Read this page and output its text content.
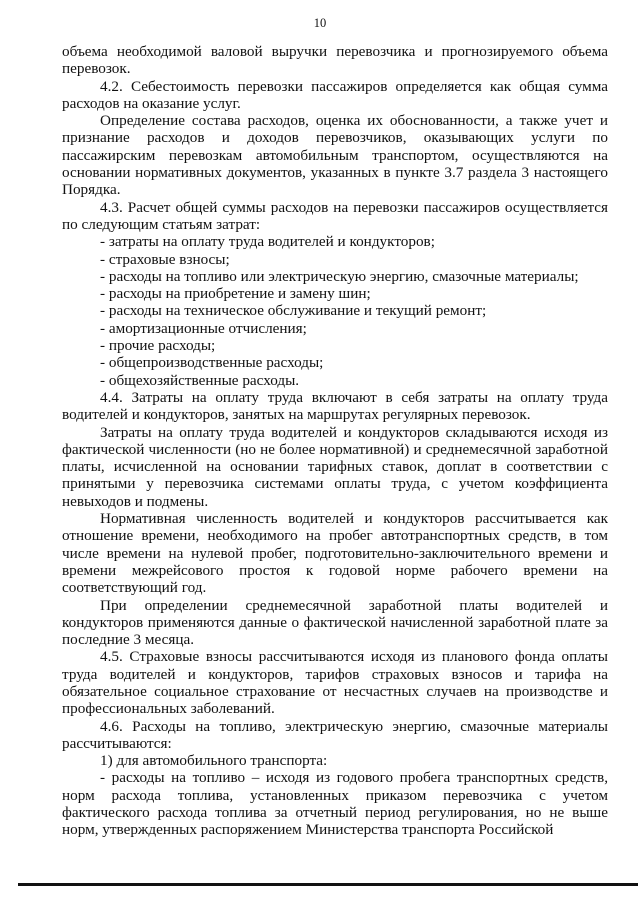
10

объема необходимой валовой выручки перевозчика и прогнозируемого объема перевозок.

4.2. Себестоимость перевозки пассажиров определяется как общая сумма расходов на оказание услуг.

Определение состава расходов, оценка их обоснованности, а также учет и признание расходов и доходов перевозчиков, оказывающих услуги по пассажирским перевозкам автомобильным транспортом, осуществляются на основании нормативных документов, указанных в пункте 3.7 раздела 3 настоящего Порядка.

4.3. Расчет общей суммы расходов на перевозки пассажиров осуществляется по следующим статьям затрат:

- затраты на оплату труда водителей и кондукторов;

- страховые взносы;

- расходы на топливо или электрическую энергию, смазочные материалы;

- расходы на приобретение и замену шин;

- расходы на техническое обслуживание и текущий ремонт;

- амортизационные отчисления;

- прочие расходы;

- общепроизводственные расходы;

- общехозяйственные расходы.

4.4. Затраты на оплату труда включают в себя затраты на оплату труда водителей и кондукторов, занятых на маршрутах регулярных перевозок.

Затраты на оплату труда водителей и кондукторов складываются исходя из фактической численности (но не более нормативной) и среднемесячной заработной платы, исчисленной на основании тарифных ставок, доплат в соответствии с принятыми у перевозчика системами оплаты труда, с учетом коэффициента невыходов и подмены.

Нормативная численность водителей и кондукторов рассчитывается как отношение времени, необходимого на пробег автотранспортных средств, в том числе времени на нулевой пробег, подготовительно-заключительного времени и времени межрейсового простоя к годовой норме рабочего времени на соответствующий год.

При определении среднемесячной заработной платы водителей и кондукторов применяются данные о фактической начисленной заработной плате за последние 3 месяца.

4.5. Страховые взносы рассчитываются исходя из планового фонда оплаты труда водителей и кондукторов, тарифов страховых взносов и тарифа на обязательное социальное страхование от несчастных случаев на производстве и профессиональных заболеваний.

4.6. Расходы на топливо, электрическую энергию, смазочные материалы рассчитываются:

1) для автомобильного транспорта:

- расходы на топливо – исходя из годового пробега транспортных средств, норм расхода топлива, установленных приказом перевозчика с учетом фактического расхода топлива за отчетный период регулирования, но не выше норм, утвержденных распоряжением Министерства транспорта Российской
